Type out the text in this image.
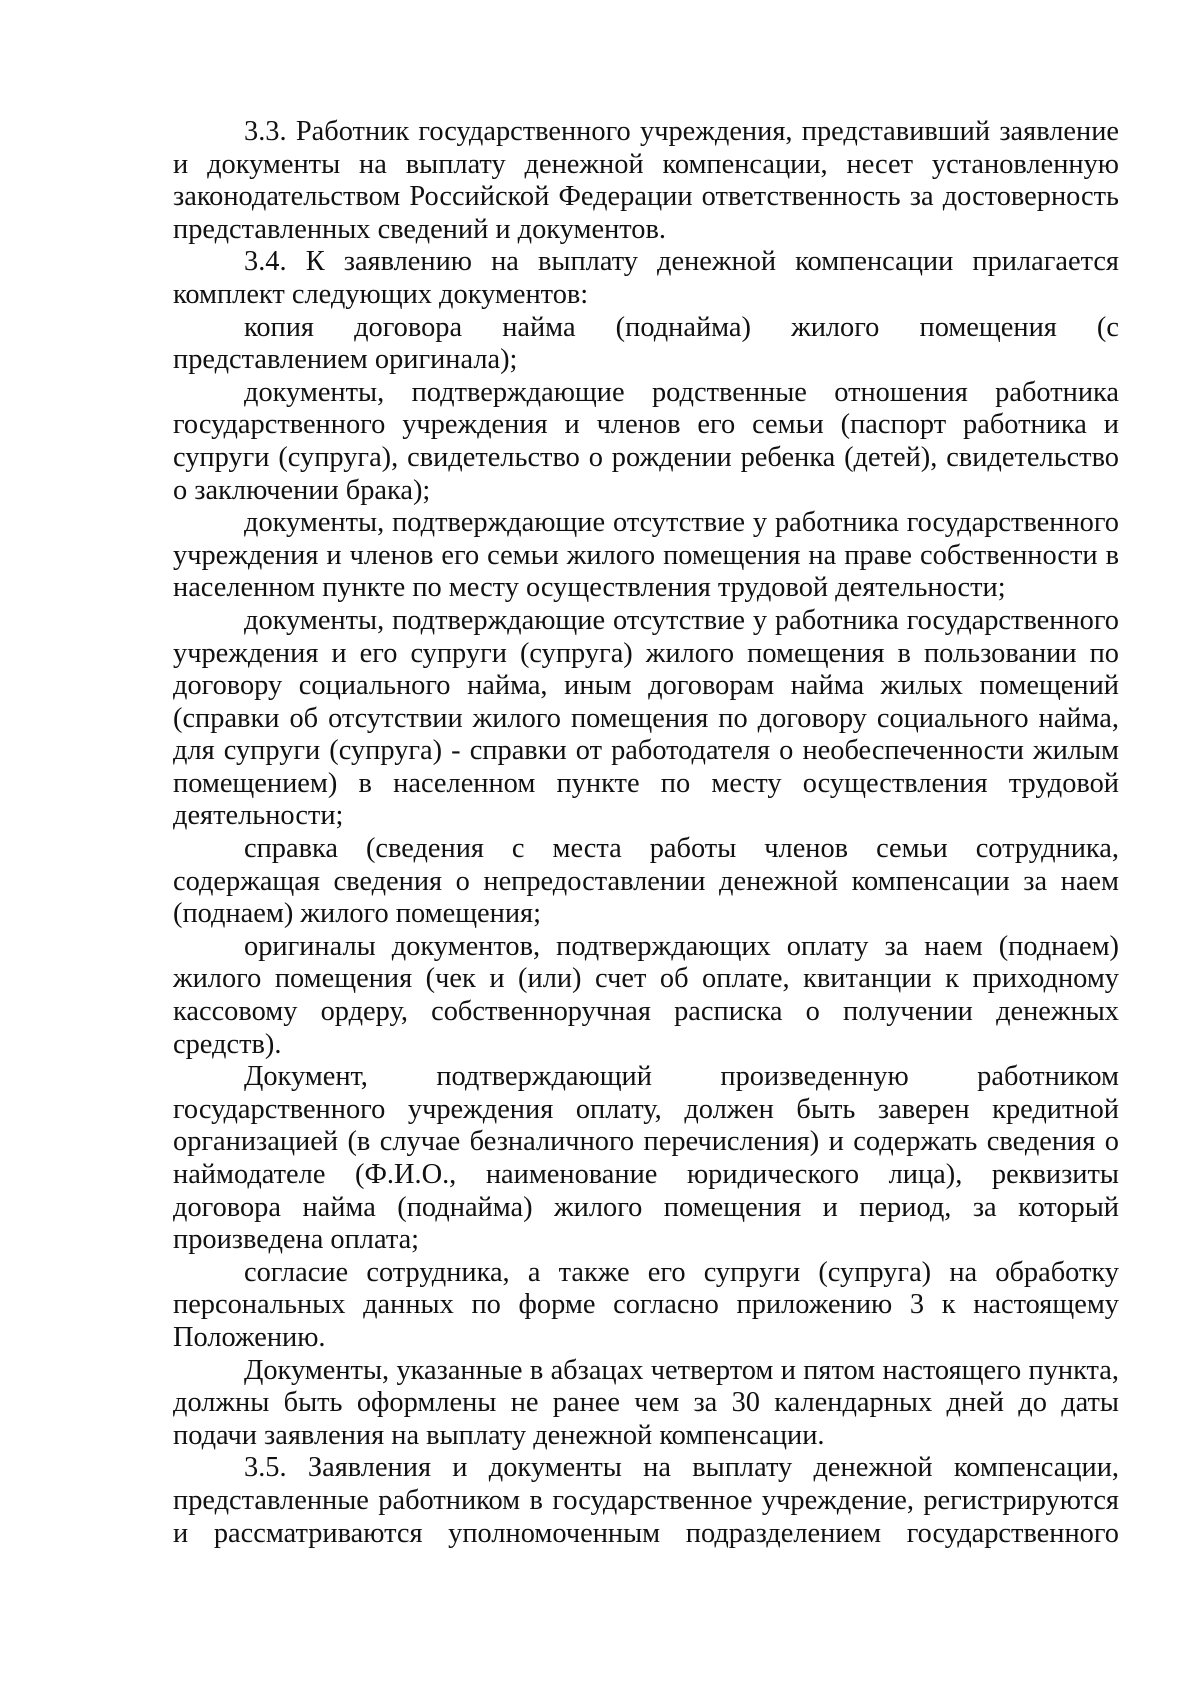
3.3. Работник государственного учреждения, представивший заявление и документы на выплату денежной компенсации, несет установленную законодательством Российской Федерации ответственность за достоверность представленных сведений и документов.

3.4. К заявлению на выплату денежной компенсации прилагается комплект следующих документов:

копия договора найма (поднайма) жилого помещения (с представлением оригинала);

документы, подтверждающие родственные отношения работника государственного учреждения и членов его семьи (паспорт работника и супруги (супруга), свидетельство о рождении ребенка (детей), свидетельство о заключении брака);

документы, подтверждающие отсутствие у работника государственного учреждения и членов его семьи жилого помещения на праве собственности в населенном пункте по месту осуществления трудовой деятельности;

документы, подтверждающие отсутствие у работника государственного учреждения и его супруги (супруга) жилого помещения в пользовании по договору социального найма, иным договорам найма жилых помещений (справки об отсутствии жилого помещения по договору социального найма, для супруги (супруга) - справки от работодателя о необеспеченности жилым помещением) в населенном пункте по месту осуществления трудовой деятельности;

справка (сведения с места работы членов семьи сотрудника, содержащая сведения о непредоставлении денежной компенсации за наем (поднаем) жилого помещения;

оригиналы документов, подтверждающих оплату за наем (поднаем) жилого помещения (чек и (или) счет об оплате, квитанции к приходному кассовому ордеру, собственноручная расписка о получении денежных средств).

Документ, подтверждающий произведенную работником государственного учреждения оплату, должен быть заверен кредитной организацией (в случае безналичного перечисления) и содержать сведения о наймодателе (Ф.И.О., наименование юридического лица), реквизиты договора найма (поднайма) жилого помещения и период, за который произведена оплата;

согласие сотрудника, а также его супруги (супруга) на обработку персональных данных по форме согласно приложению 3 к настоящему Положению.

Документы, указанные в абзацах четвертом и пятом настоящего пункта, должны быть оформлены не ранее чем за 30 календарных дней до даты подачи заявления на выплату денежной компенсации.

3.5. Заявления и документы на выплату денежной компенсации, представленные работником в государственное учреждение, регистрируются и рассматриваются уполномоченным подразделением государственного
